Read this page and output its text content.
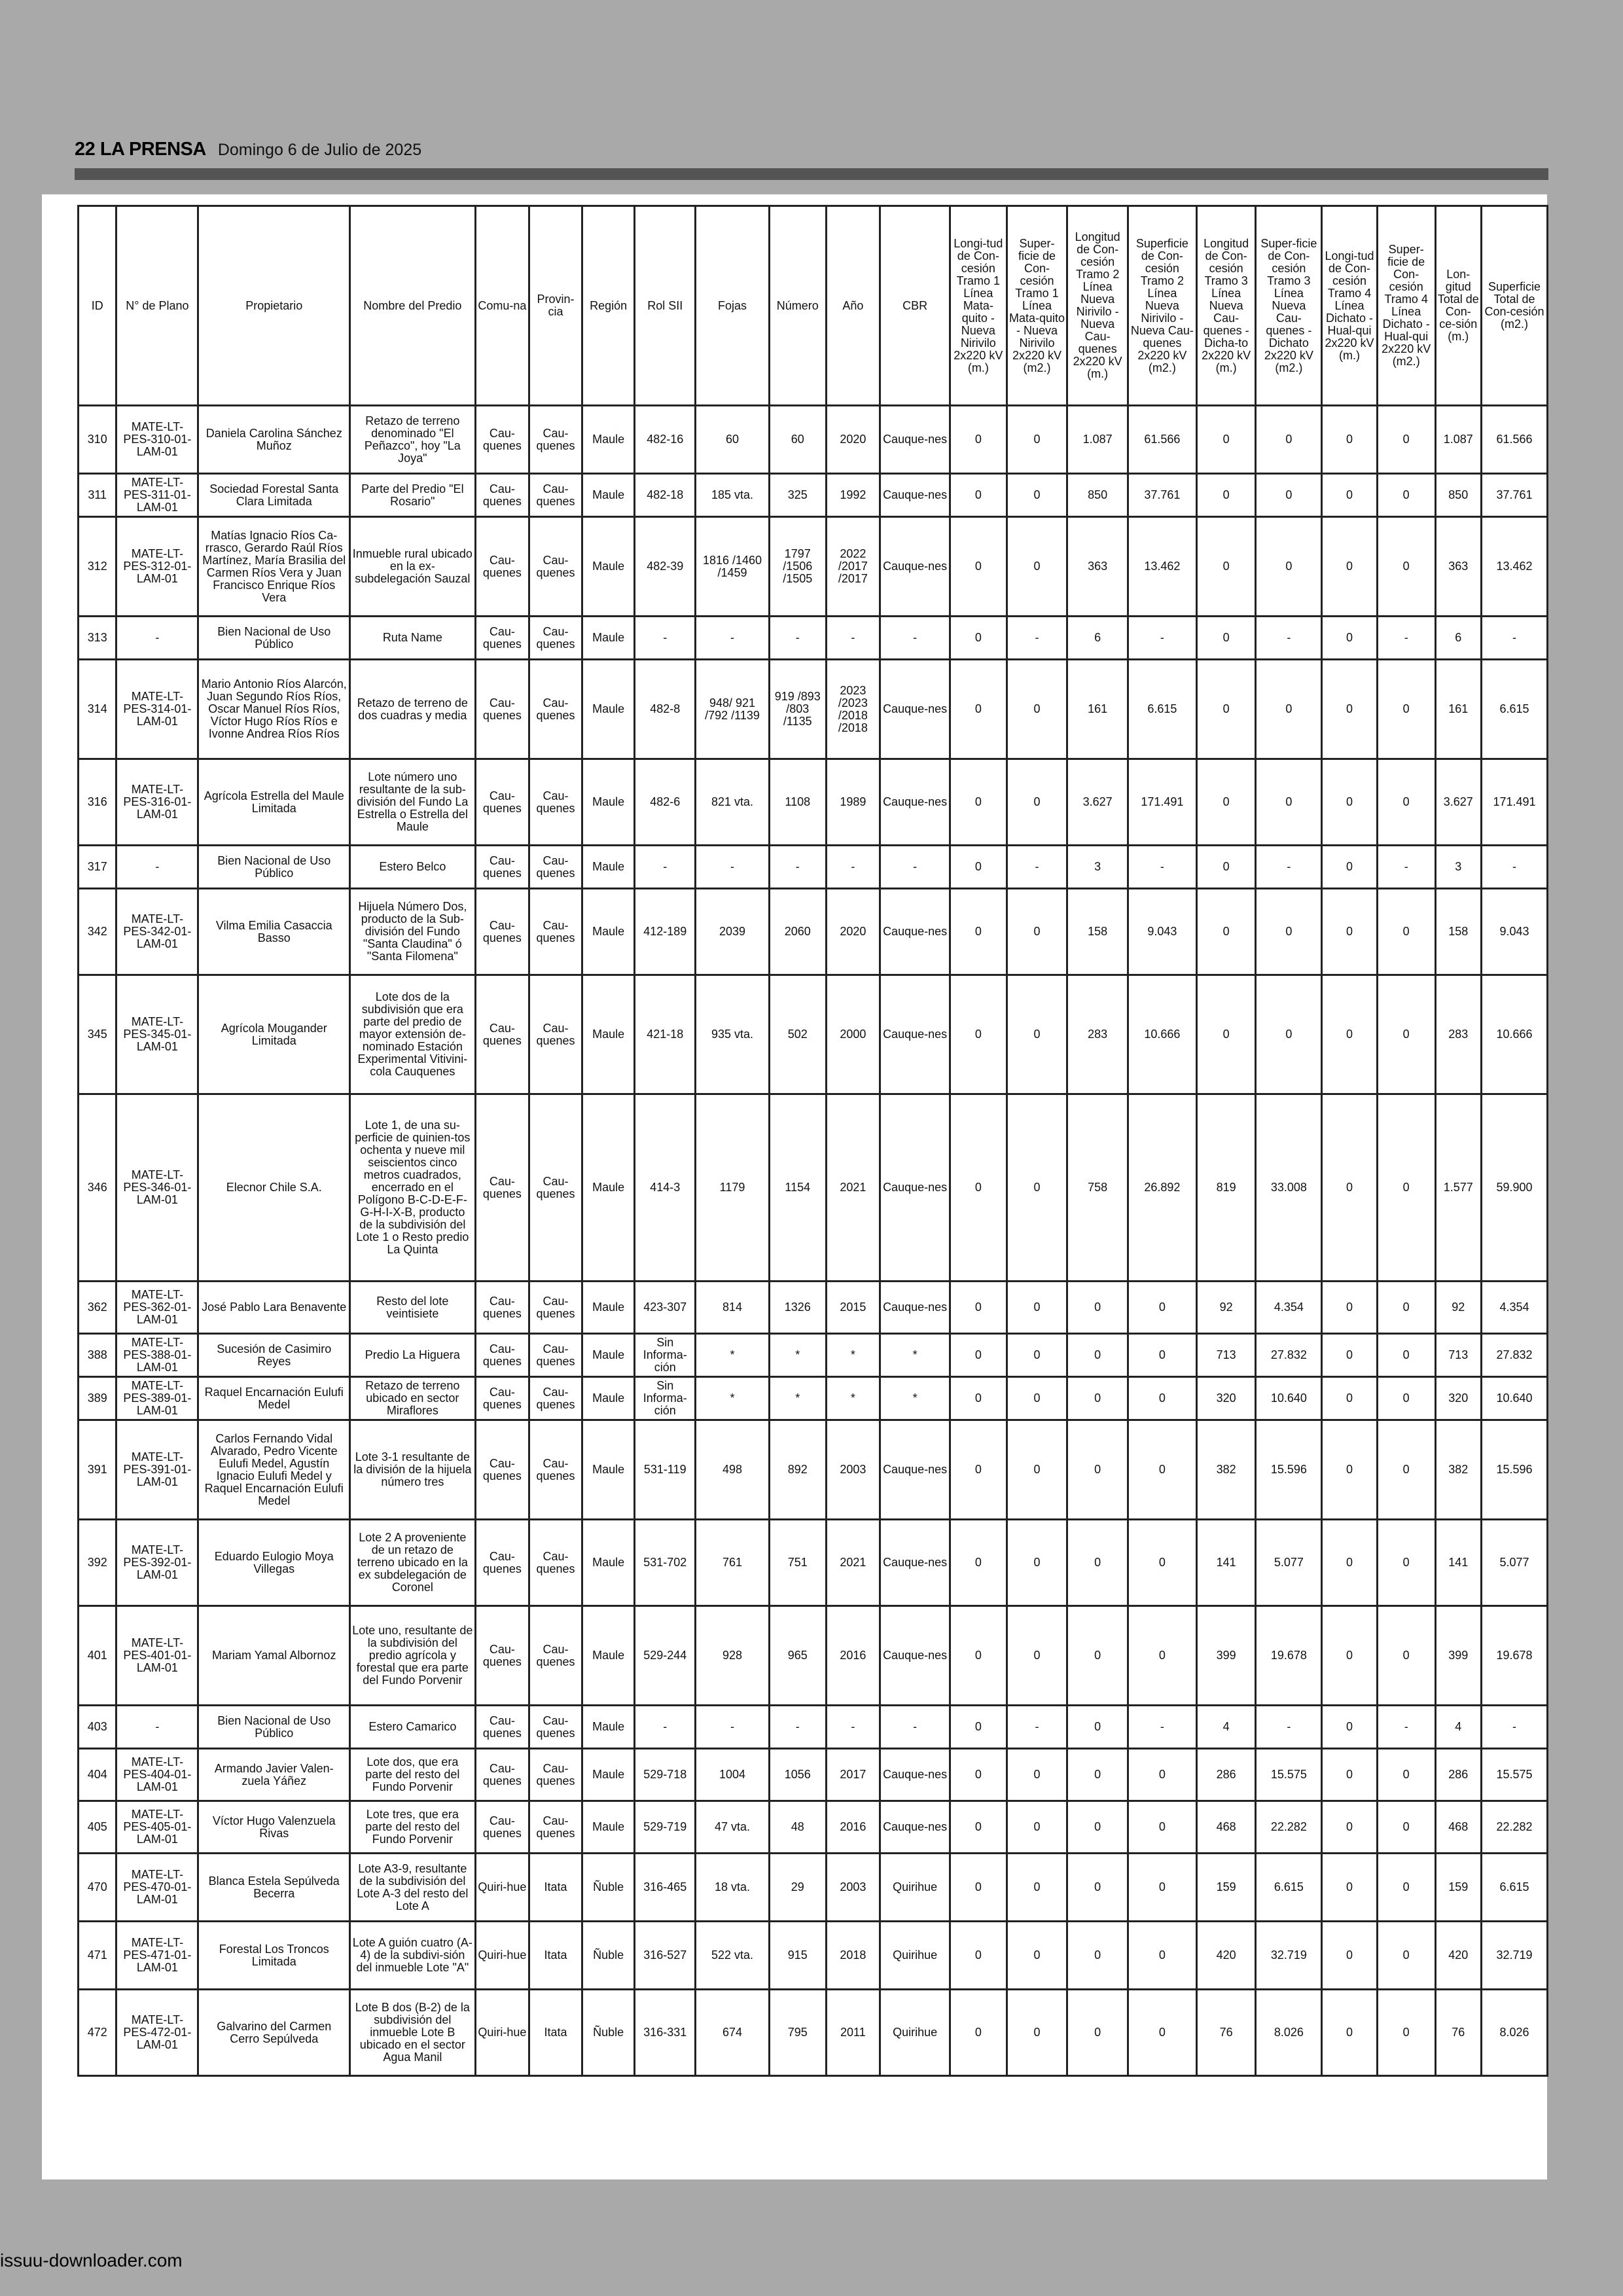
22 LA PRENSA Domingo 6 de Julio de 2025
ID	N° de Plano	Propietario	Nombre del Predio	Comu-na	Provin-cia	Región	Rol SII	Fojas	Número	Año	CBR	Longi-tud de Con-cesión Tramo 1 Línea Mata-quito - Nueva Nirivilo 2x220 kV (m.)	Super-ficie de Con-cesión Tramo 1 Línea Mata-quito - Nueva Nirivilo 2x220 kV (m2.)	Longitud de Con-cesión Tramo 2 Línea Nueva Nirivilo - Nueva Cau-quenes 2x220 kV (m.)	Superficie de Con-cesión Tramo 2 Línea Nueva Nirivilo - Nueva Cau-quenes 2x220 kV (m2.)	Longitud de Con-cesión Tramo 3 Línea Nueva Cau-quenes - Dicha-to 2x220 kV (m.)	Super-ficie de Con-cesión Tramo 3 Línea Nueva Cau-quenes - Dichato 2x220 kV (m2.)	Longi-tud de Con-cesión Tramo 4 Línea Dichato - Hual-qui 2x220 kV (m.)	Super-ficie de Con-cesión Tramo 4 Línea Dichato - Hual-qui 2x220 kV (m2.)	Lon-gitud Total de Con-ce-sión (m.)	Superficie Total de Con-cesión (m2.)
310	MATE-LT-PES-310-01-LAM-01	Daniela Carolina Sánchez Muñoz	Retazo de terreno denominado "El Peñazco", hoy "La Joya"	Cau-quenes	Cau-quenes	Maule	482-16	60	60	2020	Cauque-nes	0	0	1.087	61.566	0	0	0	0	1.087	61.566
311	MATE-LT-PES-311-01-LAM-01	Sociedad Forestal Santa Clara Limitada	Parte del Predio "El Rosario"	Cau-quenes	Cau-quenes	Maule	482-18	185 vta.	325	1992	Cauque-nes	0	0	850	37.761	0	0	0	0	850	37.761
312	MATE-LT-PES-312-01-LAM-01	Matías Ignacio Ríos Ca-rrasco, Gerardo Raúl Ríos Martínez, María Brasilia del Carmen Ríos Vera y Juan Francisco Enrique Ríos Vera	Inmueble rural ubicado en la ex-subdelegación Sauzal	Cau-quenes	Cau-quenes	Maule	482-39	1816 /1460 /1459	1797 /1506 /1505	2022 /2017 /2017	Cauque-nes	0	0	363	13.462	0	0	0	0	363	13.462
313	-	Bien Nacional de Uso Público	Ruta Name	Cau-quenes	Cau-quenes	Maule	-	-	-	-	-	0	-	6	-	0	-	0	-	6	-
314	MATE-LT-PES-314-01-LAM-01	Mario Antonio Ríos Alarcón, Juan Segundo Ríos Ríos, Oscar Manuel Ríos Ríos, Víctor Hugo Ríos Ríos e Ivonne Andrea Ríos Ríos	Retazo de terreno de dos cuadras y media	Cau-quenes	Cau-quenes	Maule	482-8	948/ 921 /792 /1139	919 /893 /803 /1135	2023 /2023 /2018 /2018	Cauque-nes	0	0	161	6.615	0	0	0	0	161	6.615
316	MATE-LT-PES-316-01-LAM-01	Agrícola Estrella del Maule Limitada	Lote número uno resultante de la sub-división del Fundo La Estrella o Estrella del Maule	Cau-quenes	Cau-quenes	Maule	482-6	821 vta.	1108	1989	Cauque-nes	0	0	3.627	171.491	0	0	0	0	3.627	171.491
317	-	Bien Nacional de Uso Público	Estero Belco	Cau-quenes	Cau-quenes	Maule	-	-	-	-	-	0	-	3	-	0	-	0	-	3	-
342	MATE-LT-PES-342-01-LAM-01	Vilma Emilia Casaccia Basso	Hijuela Número Dos, producto de la Sub-división del Fundo "Santa Claudina" ó "Santa Filomena"	Cau-quenes	Cau-quenes	Maule	412-189	2039	2060	2020	Cauque-nes	0	0	158	9.043	0	0	0	0	158	9.043
345	MATE-LT-PES-345-01-LAM-01	Agrícola Mougander Limitada	Lote dos de la subdivisión que era parte del predio de mayor extensión de-nominado Estación Experimental Vitivini-cola Cauquenes	Cau-quenes	Cau-quenes	Maule	421-18	935 vta.	502	2000	Cauque-nes	0	0	283	10.666	0	0	0	0	283	10.666
346	MATE-LT-PES-346-01-LAM-01	Elecnor Chile S.A.	Lote 1, de una su-perficie de quinien-tos ochenta y nueve mil seiscientos cinco metros cuadrados, encerrado en el Polígono B-C-D-E-F-G-H-I-X-B, producto de la subdivisión del Lote 1 o Resto predio La Quinta	Cau-quenes	Cau-quenes	Maule	414-3	1179	1154	2021	Cauque-nes	0	0	758	26.892	819	33.008	0	0	1.577	59.900
362	MATE-LT-PES-362-01-LAM-01	José Pablo Lara Benavente	Resto del lote veintisiete	Cau-quenes	Cau-quenes	Maule	423-307	814	1326	2015	Cauque-nes	0	0	0	0	92	4.354	0	0	92	4.354
388	MATE-LT-PES-388-01-LAM-01	Sucesión de Casimiro Reyes	Predio La Higuera	Cau-quenes	Cau-quenes	Maule	Sin Informa-ción	*	*	*	*	0	0	0	0	713	27.832	0	0	713	27.832
389	MATE-LT-PES-389-01-LAM-01	Raquel Encarnación Eulufi Medel	Retazo de terreno ubicado en sector Miraflores	Cau-quenes	Cau-quenes	Maule	Sin Informa-ción	*	*	*	*	0	0	0	0	320	10.640	0	0	320	10.640
391	MATE-LT-PES-391-01-LAM-01	Carlos Fernando Vidal Alvarado, Pedro Vicente Eulufi Medel, Agustín Ignacio Eulufi Medel y Raquel Encarnación Eulufi Medel	Lote 3-1 resultante de la división de la hijuela número tres	Cau-quenes	Cau-quenes	Maule	531-119	498	892	2003	Cauque-nes	0	0	0	0	382	15.596	0	0	382	15.596
392	MATE-LT-PES-392-01-LAM-01	Eduardo Eulogio Moya Villegas	Lote 2 A proveniente de un retazo de terreno ubicado en la ex subdelegación de Coronel	Cau-quenes	Cau-quenes	Maule	531-702	761	751	2021	Cauque-nes	0	0	0	0	141	5.077	0	0	141	5.077
401	MATE-LT-PES-401-01-LAM-01	Mariam Yamal Albornoz	Lote uno, resultante de la subdivisión del predio agrícola y forestal que era parte del Fundo Porvenir	Cau-quenes	Cau-quenes	Maule	529-244	928	965	2016	Cauque-nes	0	0	0	0	399	19.678	0	0	399	19.678
403	-	Bien Nacional de Uso Público	Estero Camarico	Cau-quenes	Cau-quenes	Maule	-	-	-	-	-	0	-	0	-	4	-	0	-	4	-
404	MATE-LT-PES-404-01-LAM-01	Armando Javier Valen-zuela Yáñez	Lote dos, que era parte del resto del Fundo Porvenir	Cau-quenes	Cau-quenes	Maule	529-718	1004	1056	2017	Cauque-nes	0	0	0	0	286	15.575	0	0	286	15.575
405	MATE-LT-PES-405-01-LAM-01	Víctor Hugo Valenzuela Rivas	Lote tres, que era parte del resto del Fundo Porvenir	Cau-quenes	Cau-quenes	Maule	529-719	47 vta.	48	2016	Cauque-nes	0	0	0	0	468	22.282	0	0	468	22.282
470	MATE-LT-PES-470-01-LAM-01	Blanca Estela Sepúlveda Becerra	Lote A3-9, resultante de la subdivisión del Lote A-3 del resto del Lote A	Quiri-hue	Itata	Ñuble	316-465	18 vta.	29	2003	Quirihue	0	0	0	0	159	6.615	0	0	159	6.615
471	MATE-LT-PES-471-01-LAM-01	Forestal Los Troncos Limitada	Lote A guión cuatro (A-4) de la subdivi-sión del inmueble Lote "A"	Quiri-hue	Itata	Ñuble	316-527	522 vta.	915	2018	Quirihue	0	0	0	0	420	32.719	0	0	420	32.719
472	MATE-LT-PES-472-01-LAM-01	Galvarino del Carmen Cerro Sepúlveda	Lote B dos (B-2) de la subdivisión del inmueble Lote B ubicado en el sector Agua Manil	Quiri-hue	Itata	Ñuble	316-331	674	795	2011	Quirihue	0	0	0	0	76	8.026	0	0	76	8.026
issuu-downloader.com
